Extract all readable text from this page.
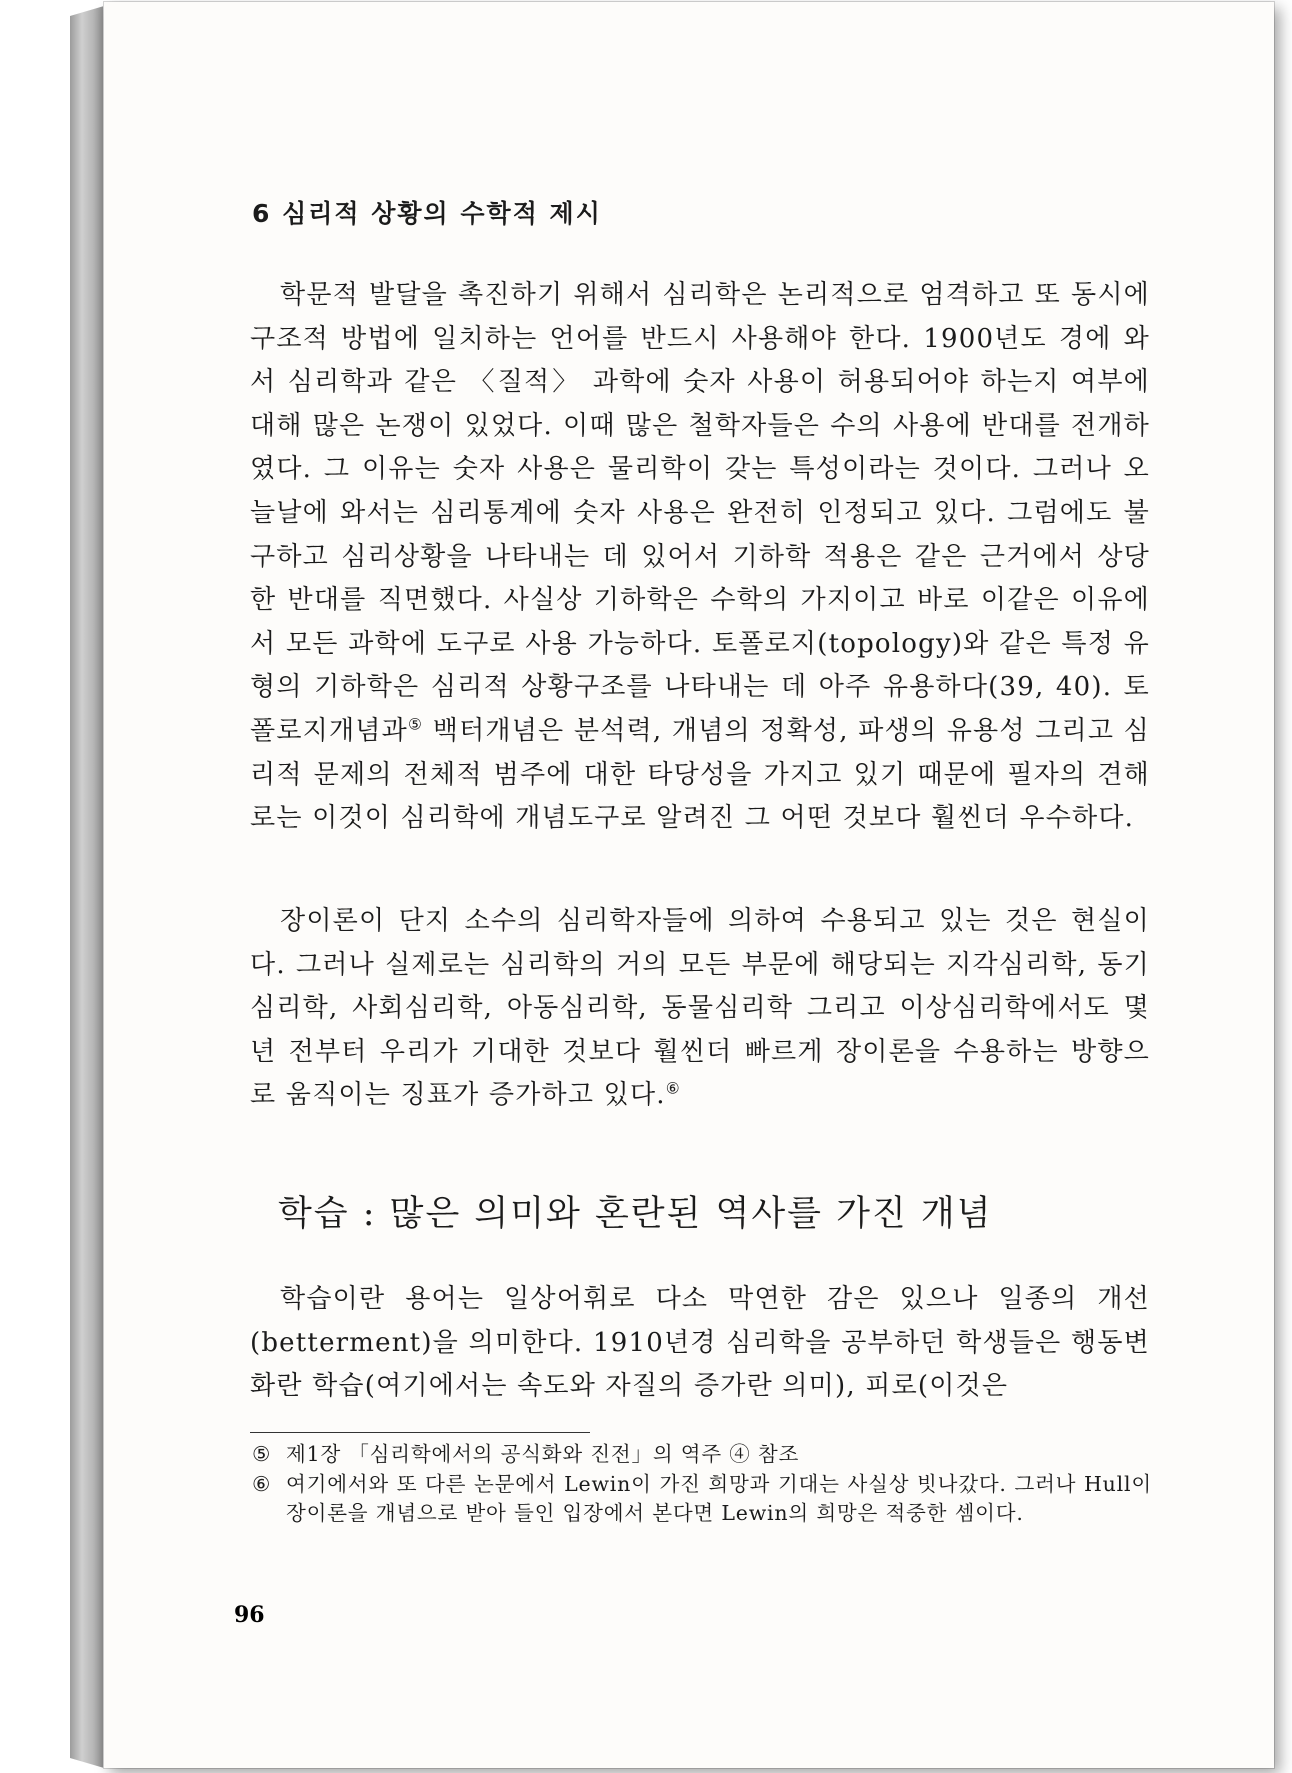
6 심리적 상황의 수학적 제시

학문적 발달을 촉진하기 위해서 심리학은 논리적으로 엄격하고 또 동시에 구조적 방법에 일치하는 언어를 반드시 사용해야 한다. 1900년도 경에 와서 심리학과 같은 〈질적〉 과학에 숫자 사용이 허용되어야 하는지 여부에 대해 많은 논쟁이 있었다. 이때 많은 철학자들은 수의 사용에 반대를 전개하였다. 그 이유는 숫자 사용은 물리학이 갖는 특성이라는 것이다. 그러나 오늘날에 와서는 심리통계에 숫자 사용은 완전히 인정되고 있다. 그럼에도 불구하고 심리상황을 나타내는 데 있어서 기하학 적용은 같은 근거에서 상당한 반대를 직면했다. 사실상 기하학은 수학의 가지이고 바로 이같은 이유에서 모든 과학에 도구로 사용 가능하다. 토폴로지(topology)와 같은 특정 유형의 기하학은 심리적 상황구조를 나타내는 데 아주 유용하다(39, 40). 토폴로지개념과⑤ 백터개념은 분석력, 개념의 정확성, 파생의 유용성 그리고 심리적 문제의 전체적 범주에 대한 타당성을 가지고 있기 때문에 필자의 견해로는 이것이 심리학에 개념도구로 알려진 그 어떤 것보다 훨씬더 우수하다.

장이론이 단지 소수의 심리학자들에 의하여 수용되고 있는 것은 현실이다. 그러나 실제로는 심리학의 거의 모든 부문에 해당되는 지각심리학, 동기심리학, 사회심리학, 아동심리학, 동물심리학 그리고 이상심리학에서도 몇 년 전부터 우리가 기대한 것보다 훨씬더 빠르게 장이론을 수용하는 방향으로 움직이는 징표가 증가하고 있다.⑥

학습 : 많은 의미와 혼란된 역사를 가진 개념

학습이란 용어는 일상어휘로 다소 막연한 감은 있으나 일종의 개선(betterment)을 의미한다. 1910년경 심리학을 공부하던 학생들은 행동변화란 학습(여기에서는 속도와 자질의 증가란 의미), 피로(이것은

⑤ 제1장 「심리학에서의 공식화와 진전」의 역주 ④ 참조
⑥ 여기에서와 또 다른 논문에서 Lewin이 가진 희망과 기대는 사실상 빗나갔다. 그러나 Hull이 장이론을 개념으로 받아 들인 입장에서 본다면 Lewin의 희망은 적중한 셈이다.
96
